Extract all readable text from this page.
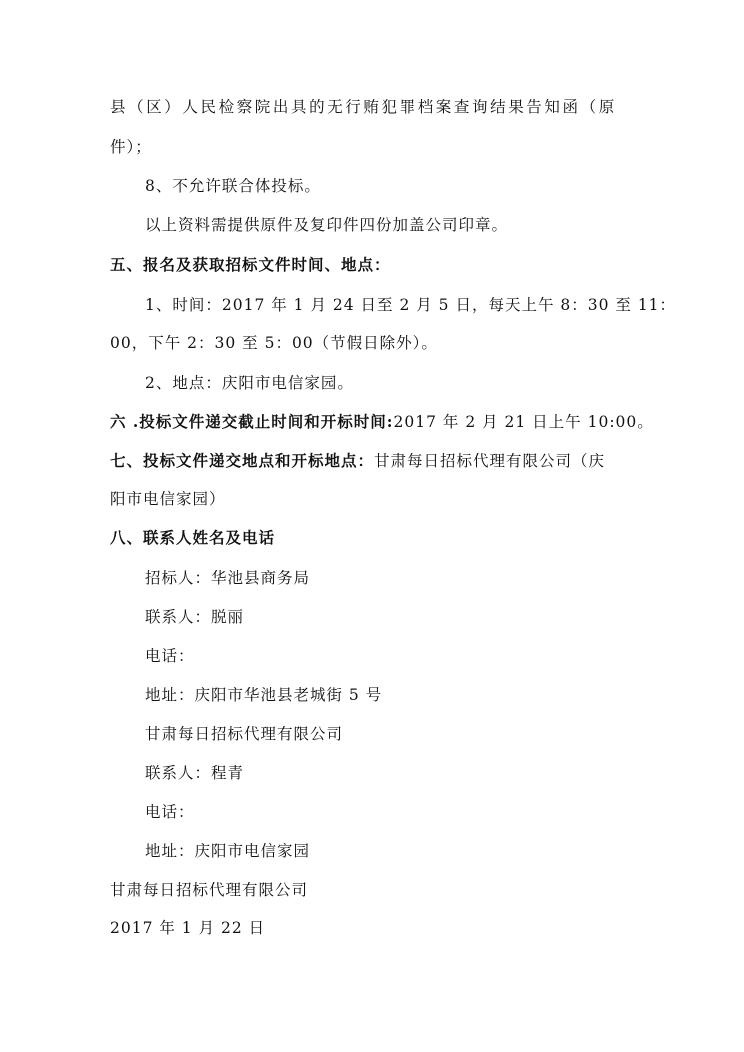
县（区）人民检察院出具的无行贿犯罪档案查询结果告知函（原
件）；
8、不允许联合体投标。
以上资料需提供原件及复印件四份加盖公司印章。
五、报名及获取招标文件时间、地点：
1、时间：2017 年 1 月 24 日至 2 月 5 日，每天上午 8：30 至 11：
00，下午 2：30 至 5：00（节假日除外）。
2、地点：庆阳市电信家园。
六 .投标文件递交截止时间和开标时间:2017 年 2 月 21 日上午 10:00。
七、投标文件递交地点和开标地点：甘肃每日招标代理有限公司（庆
阳市电信家园）
八、联系人姓名及电话
招标人：华池县商务局
联系人：脱丽
电话：
地址：庆阳市华池县老城街 5 号
甘肃每日招标代理有限公司
联系人：程青
电话：
地址：庆阳市电信家园
甘肃每日招标代理有限公司
2017 年 1 月 22 日
